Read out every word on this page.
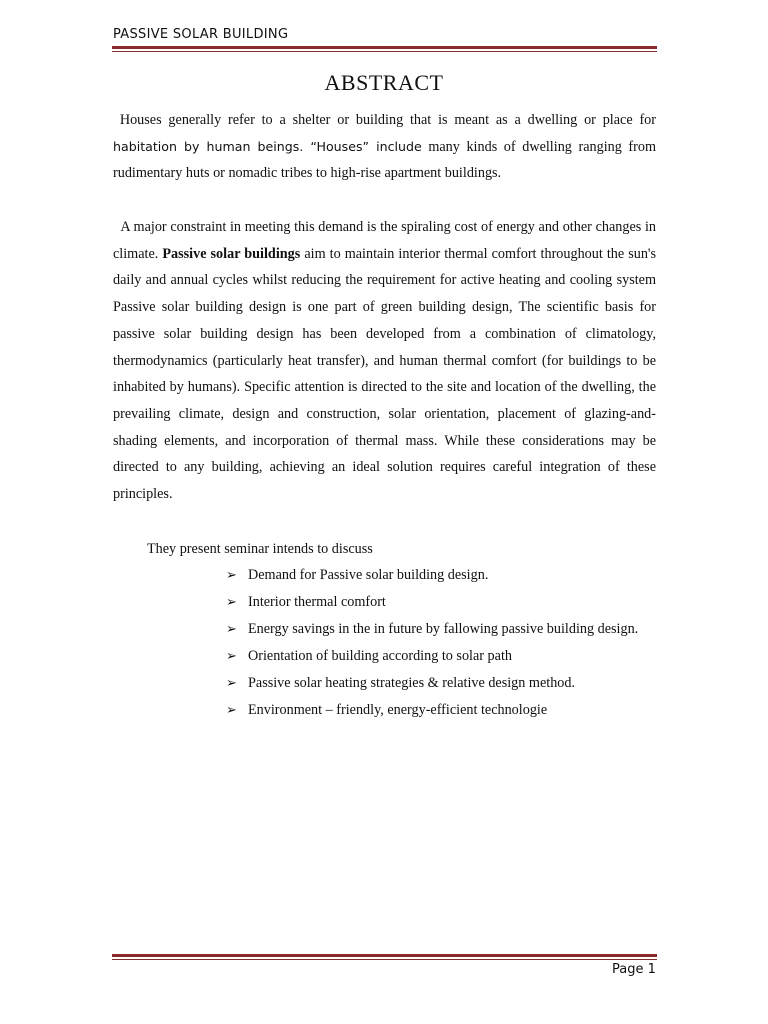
PASSIVE SOLAR BUILDING
ABSTRACT
Houses generally refer to a shelter or building that is meant as a dwelling or place for habitation by human beings. “Houses” include many kinds of dwelling ranging from rudimentary huts or nomadic tribes to high-rise apartment buildings.
A major constraint in meeting this demand is the spiraling cost of energy and other changes in climate. Passive solar buildings aim to maintain interior thermal comfort throughout the sun's daily and annual cycles whilst reducing the requirement for active heating and cooling system Passive solar building design is one part of green building design, The scientific basis for passive solar building design has been developed from a combination of climatology, thermodynamics (particularly heat transfer), and human thermal comfort (for buildings to be inhabited by humans). Specific attention is directed to the site and location of the dwelling, the prevailing climate, design and construction, solar orientation, placement of glazing-and-shading elements, and incorporation of thermal mass. While these considerations may be directed to any building, achieving an ideal solution requires careful integration of these principles.
They present seminar intends to discuss
➢ Demand for Passive solar building design.
➢ Interior thermal comfort
➢ Energy savings in the in future by fallowing passive building design.
➢ Orientation of building according to solar path
➢ Passive solar heating strategies & relative design method.
➢ Environment – friendly, energy-efficient technologie
Page 1
